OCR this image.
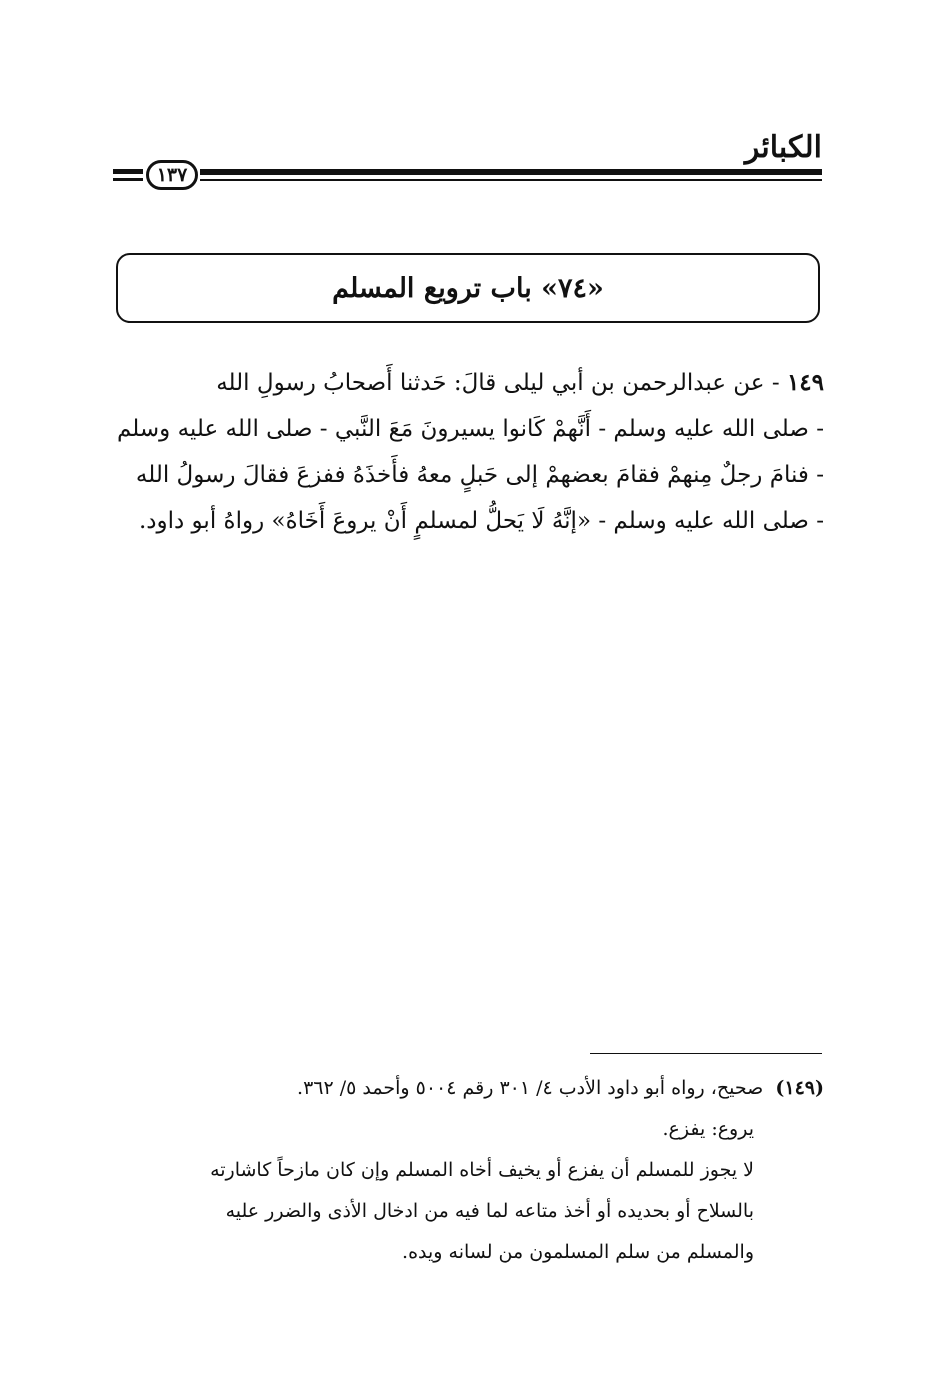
الكبائر
١٣٧
«٧٤» باب ترويع المسلم
١٤٩ - عن عبدالرحمن بن أبي ليلى قالَ: حَدثنا أَصحابُ رسولِ الله
- صلى الله عليه وسلم - أَنَّهمْ كَانوا يسيرونَ مَعَ النَّبي - صلى الله عليه وسلم
- فنامَ رجلٌ مِنهمْ فقامَ بعضهمْ إلى حَبلٍ معهُ فأَخذَهُ ففزعَ فقالَ رسولُ الله
- صلى الله عليه وسلم - «إنَّهُ لَا يَحلُّ لمسلمٍ أَنْ يروعَ أَخَاهُ» رواهُ أبو داود.
(١٤٩)  صحيح، رواه أبو داود الأدب ٤/ ٣٠١ رقم ٥٠٠٤ وأحمد ٥/ ٣٦٢.
يروع: يفزع.
لا يجوز للمسلم أن يفزع أو يخيف أخاه المسلم وإن كان مازحاً كاشارته
بالسلاح أو بحديده أو أخذ متاعه لما فيه من ادخال الأذى والضرر عليه
والمسلم من سلم المسلمون من لسانه ويده.
